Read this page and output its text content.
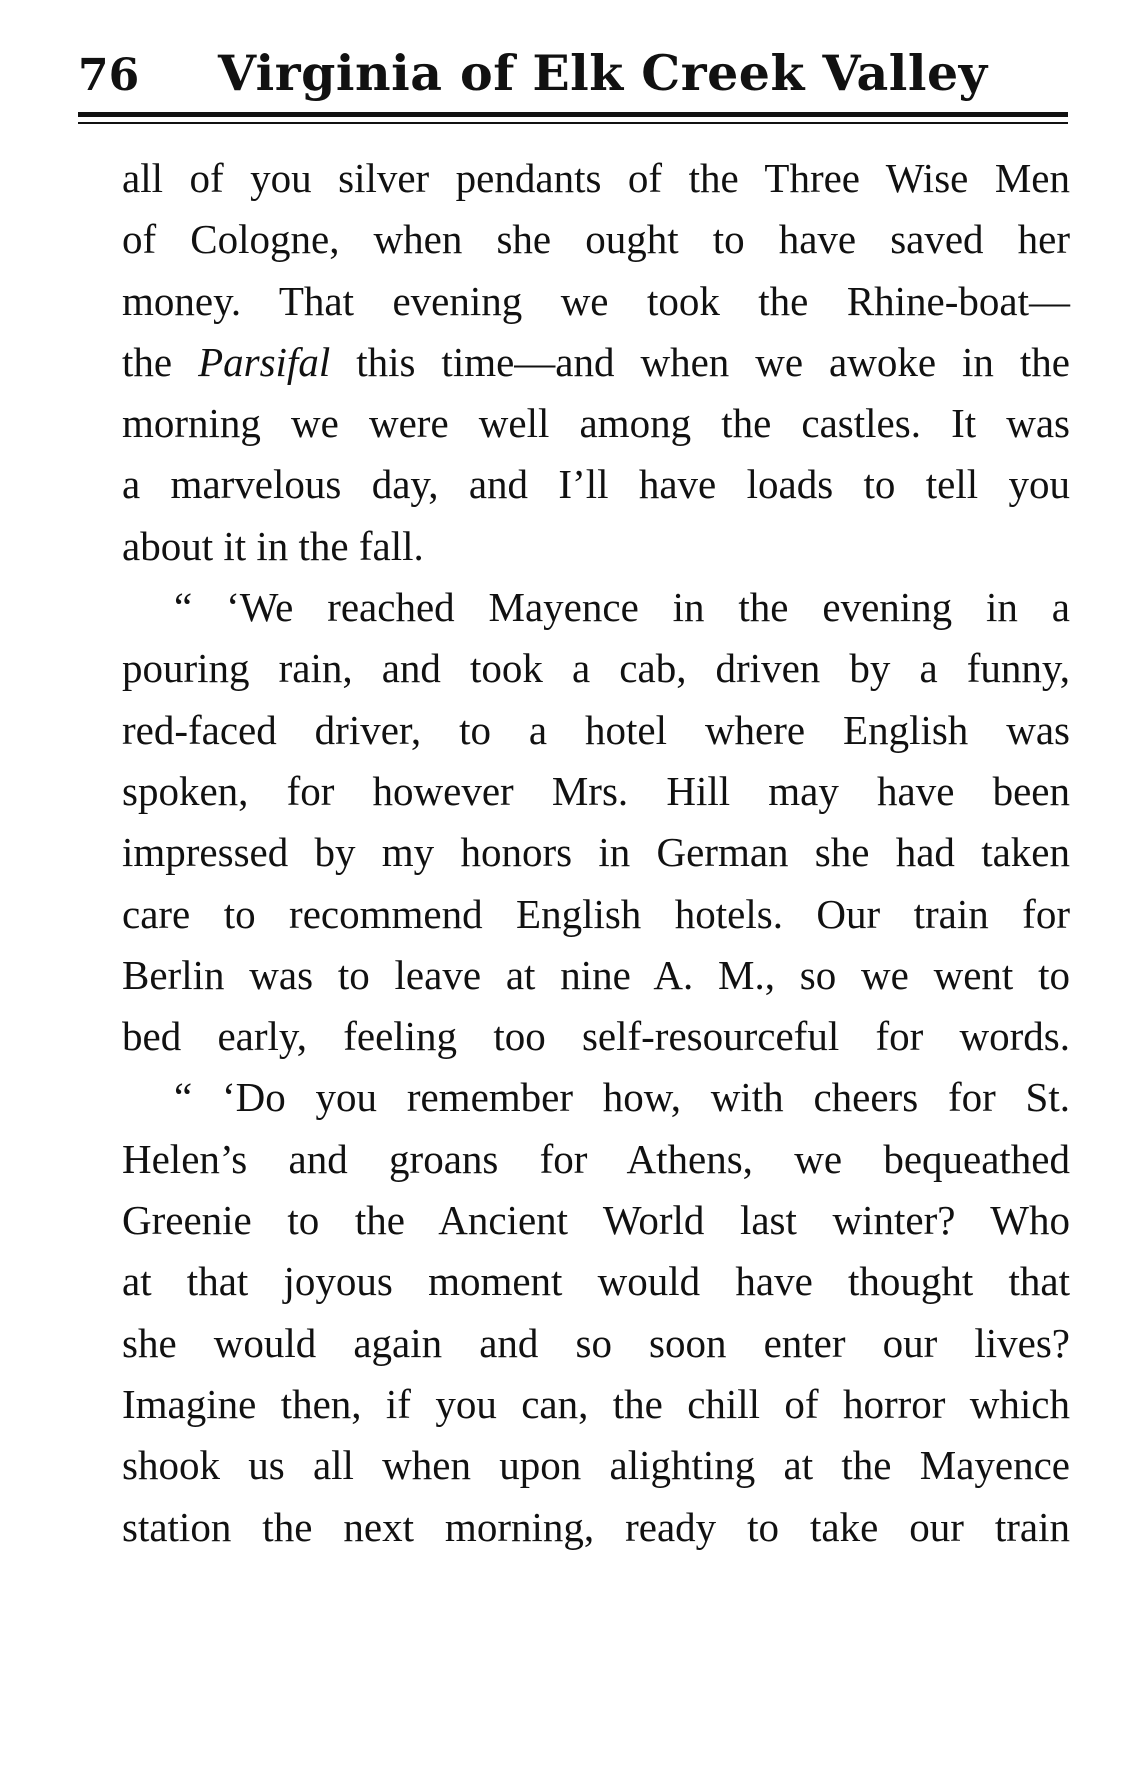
76 Virginia of Elk Creek Valley
all of you silver pendants of the Three Wise Men
of Cologne, when she ought to have saved her
money. That evening we took the Rhine-boat—
the Parsifal this time—and when we awoke in the
morning we were well among the castles. It was
a marvelous day, and I’ll have loads to tell you
about it in the fall.
“ ‘We reached Mayence in the evening in a
pouring rain, and took a cab, driven by a funny,
red-faced driver, to a hotel where English was
spoken, for however Mrs. Hill may have been
impressed by my honors in German she had taken
care to recommend English hotels. Our train for
Berlin was to leave at nine A. M., so we went to
bed early, feeling too self-resourceful for words.
“ ‘Do you remember how, with cheers for St.
Helen’s and groans for Athens, we bequeathed
Greenie to the Ancient World last winter? Who
at that joyous moment would have thought that
she would again and so soon enter our lives?
Imagine then, if you can, the chill of horror which
shook us all when upon alighting at the Mayence
station the next morning, ready to take our train
